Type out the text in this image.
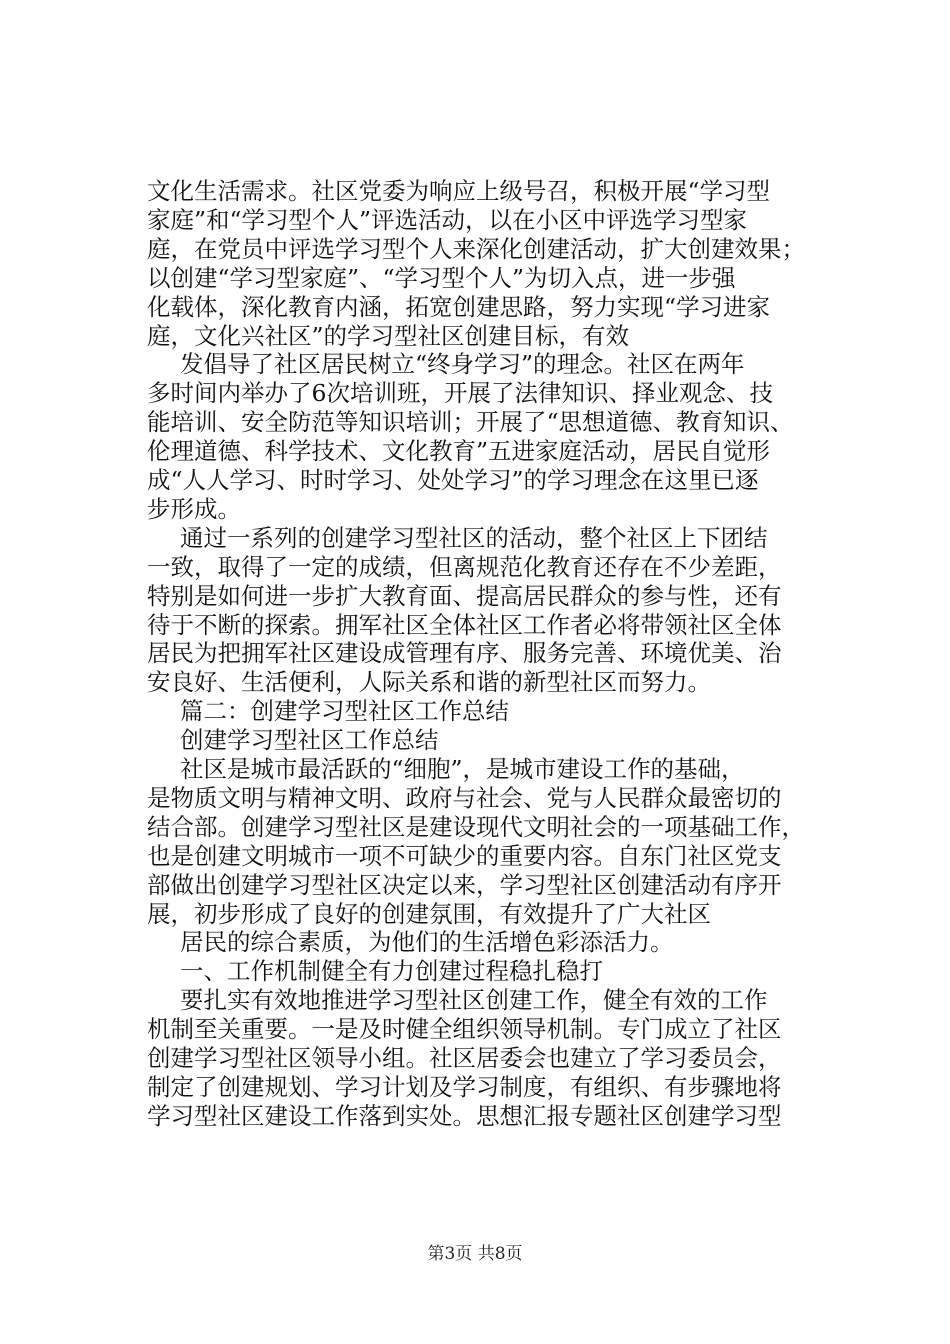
文化生活需求。社区党委为响应上级号召，积极开展“学习型
家庭”和“学习型个人”评选活动，以在小区中评选学习型家
庭，在党员中评选学习型个人来深化创建活动，扩大创建效果；
以创建“学习型家庭”、“学习型个人”为切入点，进一步强
化载体，深化教育内涵，拓宽创建思路，努力实现“学习进家
庭，文化兴社区”的学习型社区创建目标，有效
发倡导了社区居民树立“终身学习”的理念。社区在两年
多时间内举办了6次培训班，开展了法律知识、择业观念、技
能培训、安全防范等知识培训；开展了“思想道德、教育知识、
伦理道德、科学技术、文化教育”五进家庭活动，居民自觉形
成“人人学习、时时学习、处处学习”的学习理念在这里已逐
步形成。
通过一系列的创建学习型社区的活动，整个社区上下团结
一致，取得了一定的成绩，但离规范化教育还存在不少差距，
特别是如何进一步扩大教育面、提高居民群众的参与性，还有
待于不断的探索。拥军社区全体社区工作者必将带领社区全体
居民为把拥军社区建设成管理有序、服务完善、环境优美、治
安良好、生活便利，人际关系和谐的新型社区而努力。
篇二：创建学习型社区工作总结
创建学习型社区工作总结
社区是城市最活跃的“细胞”，是城市建设工作的基础，
是物质文明与精神文明、政府与社会、党与人民群众最密切的
结合部。创建学习型社区是建设现代文明社会的一项基础工作，
也是创建文明城市一项不可缺少的重要内容。自东门社区党支
部做出创建学习型社区决定以来，学习型社区创建活动有序开
展，初步形成了良好的创建氛围，有效提升了广大社区
居民的综合素质，为他们的生活增色彩添活力。
一、工作机制健全有力创建过程稳扎稳打
要扎实有效地推进学习型社区创建工作，健全有效的工作
机制至关重要。一是及时健全组织领导机制。专门成立了社区
创建学习型社区领导小组。社区居委会也建立了学习委员会，
制定了创建规划、学习计划及学习制度，有组织、有步骤地将
学习型社区建设工作落到实处。思想汇报专题社区创建学习型
第3页 共8页
